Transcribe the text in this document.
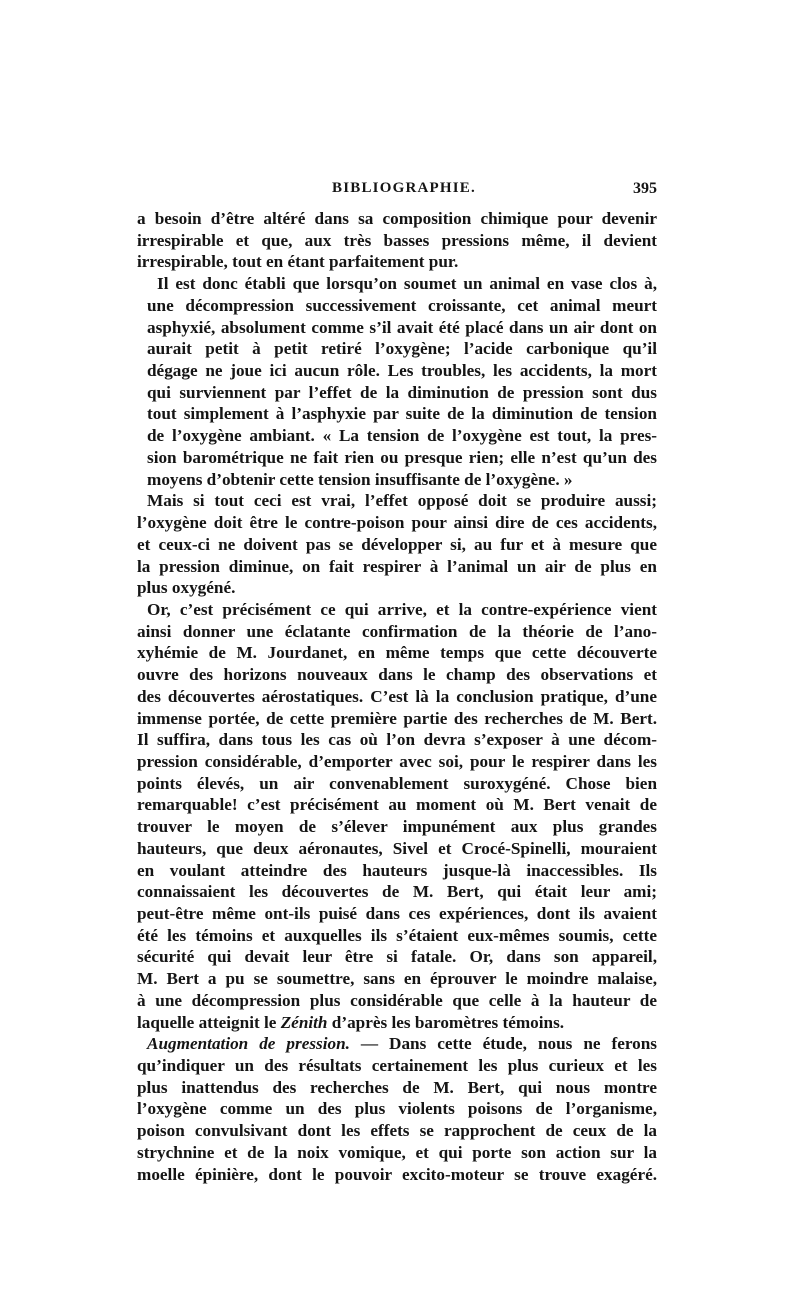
BIBLIOGRAPHIE.	395

a besoin d’être altéré dans sa composition chimique pour devenir
irrespirable et que, aux très basses pressions même, il devient
irrespirable, tout en étant parfaitement pur.

Il est donc établi que lorsqu’on soumet un animal en vase clos à,
une décompression successivement croissante, cet animal meurt
asphyxié, absolument comme s’il avait été placé dans un air dont on
aurait petit à petit retiré l’oxygène; l’acide carbonique qu’il
dégage ne joue ici aucun rôle. Les troubles, les accidents, la mort
qui surviennent par l’effet de la diminution de pression sont dus
tout simplement à l’asphyxie par suite de la diminution de tension
de l’oxygène ambiant. « La tension de l’oxygène est tout, la pres-
sion barométrique ne fait rien ou presque rien; elle n’est qu’un des
moyens d’obtenir cette tension insuffisante de l’oxygène. »

Mais si tout ceci est vrai, l’effet opposé doit se produire aussi;
l’oxygène doit être le contre-poison pour ainsi dire de ces accidents,
et ceux-ci ne doivent pas se développer si, au fur et à mesure que
la pression diminue, on fait respirer à l’animal un air de plus en
plus oxygéné.

Or, c’est précisément ce qui arrive, et la contre-expérience vient
ainsi donner une éclatante confirmation de la théorie de l’ano-
xyhémie de M. Jourdanet, en même temps que cette découverte
ouvre des horizons nouveaux dans le champ des observations et
des découvertes aérostatiques. C’est là la conclusion pratique, d’une
immense portée, de cette première partie des recherches de M. Bert.
Il suffira, dans tous les cas où l’on devra s’exposer à une décom-
pression considérable, d’emporter avec soi, pour le respirer dans les
points élevés, un air convenablement suroxygéné. Chose bien
remarquable! c’est précisément au moment où M. Bert venait de
trouver le moyen de s’élever impunément aux plus grandes
hauteurs, que deux aéronautes, Sivel et Crocé-Spinelli, mouraient
en voulant atteindre des hauteurs jusque-là inaccessibles. Ils
connaissaient les découvertes de M. Bert, qui était leur ami;
peut-être même ont-ils puisé dans ces expériences, dont ils avaient
été les témoins et auxquelles ils s’étaient eux-mêmes soumis, cette
sécurité qui devait leur être si fatale. Or, dans son appareil,
M. Bert a pu se soumettre, sans en éprouver le moindre malaise,
à une décompression plus considérable que celle à la hauteur de
laquelle atteignit le Zénith d’après les baromètres témoins.

Augmentation de pression. — Dans cette étude, nous ne ferons
qu’indiquer un des résultats certainement les plus curieux et les
plus inattendus des recherches de M. Bert, qui nous montre
l’oxygène comme un des plus violents poisons de l’organisme,
poison convulsivant dont les effets se rapprochent de ceux de la
strychnine et de la noix vomique, et qui porte son action sur la
moelle épinière, dont le pouvoir excito-moteur se trouve exagéré.
